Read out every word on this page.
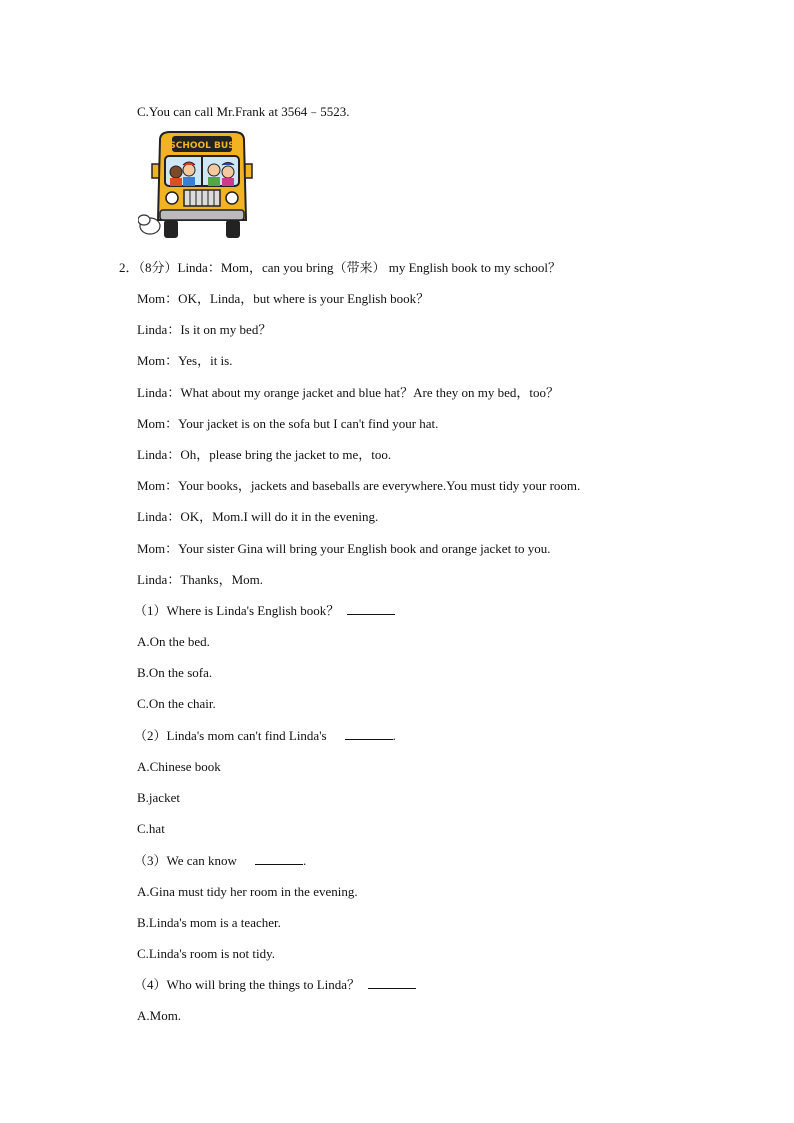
C.You can call Mr.Frank at 3564﹣5523.
SCHOOL BUS
2．（8分）Linda：Mom，can you bring（带来） my English book to my school？
Mom：OK，Linda，but where is your English book？
Linda：Is it on my bed？
Mom：Yes，it is.
Linda：What about my orange jacket and blue hat？Are they on my bed，too？
Mom：Your jacket is on the sofa but I can't find your hat.
Linda：Oh，please bring the jacket to me，too.
Mom：Your books，jackets and baseballs are everywhere.You must tidy your room.
Linda：OK，Mom.I will do it in the evening.
Mom：Your sister Gina will bring your English book and orange jacket to you.
Linda：Thanks，Mom.
（1）Where is Linda's English book？
A.On the bed.
B.On the sofa.
C.On the chair.
（2）Linda's mom can't find Linda's	.
A.Chinese book
B.jacket
C.hat
（3）We can know	.
A.Gina must tidy her room in the evening.
B.Linda's mom is a teacher.
C.Linda's room is not tidy.
（4）Who will bring the things to Linda？
A.Mom.
